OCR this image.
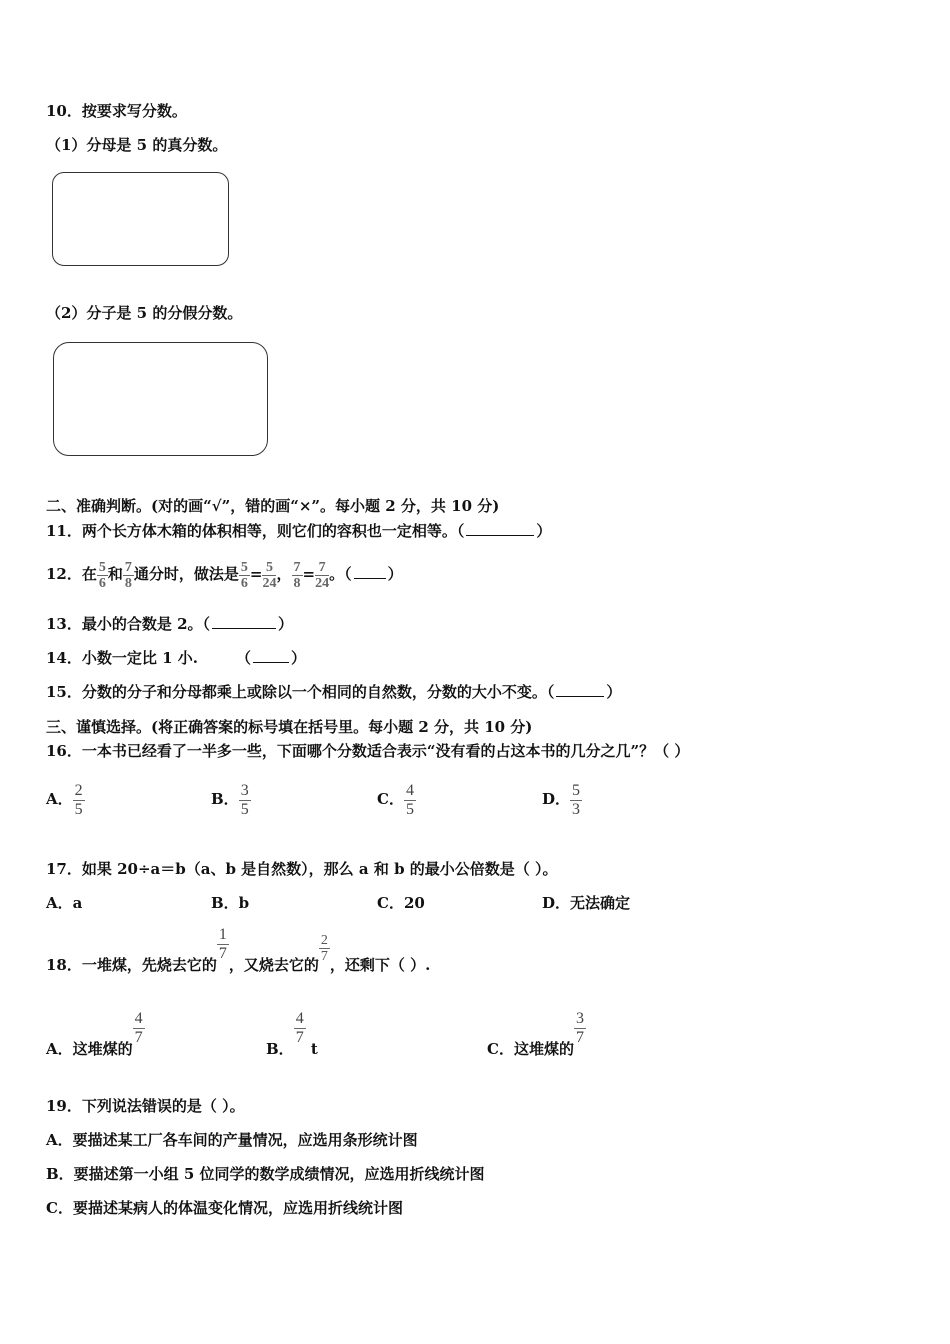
10．按要求写分数。
（1）分母是 5 的真分数。
（2）分子是 5 的分假分数。
二、准确判断。(对的画“√”，错的画“×”。每小题 2 分，共 10 分)
11．两个长方体木箱的体积相等，则它们的容积也一定相等。（	）
12．在 $\frac{5}{6}$ 和 $\frac{7}{8}$ 通分时，做法是 $\frac{5}{6} = \frac{5}{24}$ ， $\frac{7}{8} = \frac{7}{24}$ 。（ ）
13．最小的合数是 2。（	）
14．小数一定比 1 小.	（	）
15．分数的分子和分母都乘上或除以一个相同的自然数，分数的大小不变。（	）
三、谨慎选择。(将正确答案的标号填在括号里。每小题 2 分，共 10 分)
16．一本书已经看了一半多一些，下面哪个分数适合表示“没有看的占这本书的几分之几”？（ ）
A． $\frac{2}{5}$	B． $\frac{3}{5}$	C． $\frac{4}{5}$	D． $\frac{5}{3}$
17．如果 20÷a＝b（a、b 是自然数），那么 a 和 b 的最小公倍数是（ ）。
A．a	B．b	C．20	D．无法确定
18．一堆煤，先烧去它的
$\frac{1}{7}$
，又烧去它的
$\frac{2}{7}$
，还剩下（ ）.
A．这堆煤的
$\frac{4}{7}$
B．
$\frac{4}{7}$
t	C．这堆煤的
$\frac{3}{7}$
19．下列说法错误的是（ ）。
A．要描述某工厂各车间的产量情况，应选用条形统计图
B．要描述第一小组 5 位同学的数学成绩情况，应选用折线统计图
C．要描述某病人的体温变化情况，应选用折线统计图
